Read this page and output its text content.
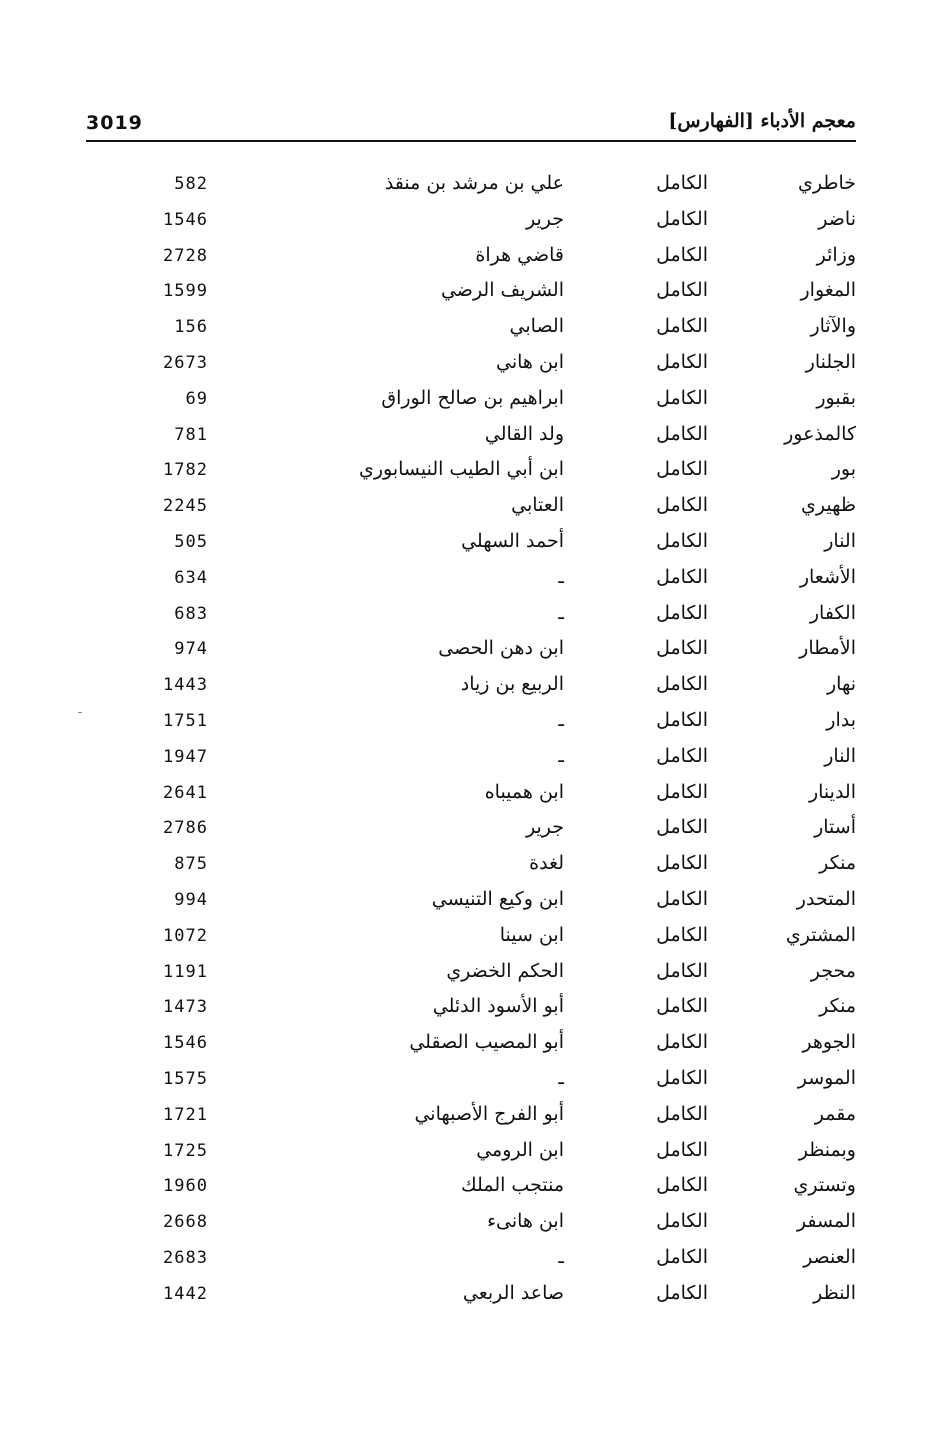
3019	معجم الأدباء [الفهارس]
خاطري
الكامل
علي بن مرشد بن منقذ
582
ناضر
الكامل
جرير
1546
وزائر
الكامل
قاضي هراة
2728
المغوار
الكامل
الشريف الرضي
1599
والآثار
الكامل
الصابي
156
الجلنار
الكامل
ابن هاني
2673
بقبور
الكامل
ابراهيم بن صالح الوراق
69
كالمذعور
الكامل
ولد القالي
781
بور
الكامل
ابن أبي الطيب النيسابوري
1782
ظهيري
الكامل
العتابي
2245
النار
الكامل
أحمد السهلي
505
الأشعار
الكامل
ـ
634
الكفار
الكامل
ـ
683
الأمطار
الكامل
ابن دهن الحصى
974
نهار
الكامل
الربيع بن زياد
1443
بدار
الكامل
ـ
1751
النار
الكامل
ـ
1947
الدينار
الكامل
ابن هميباه
2641
أستار
الكامل
جرير
2786
منكر
الكامل
لغدة
875
المتحدر
الكامل
ابن وكيع التنيسي
994
المشتري
الكامل
ابن سينا
1072
محجر
الكامل
الحكم الخضري
1191
منكر
الكامل
أبو الأسود الدئلي
1473
الجوهر
الكامل
أبو المصيب الصقلي
1546
الموسر
الكامل
ـ
1575
مقمر
الكامل
أبو الفرج الأصبهاني
1721
وبمنظر
الكامل
ابن الرومي
1725
وتستري
الكامل
منتجب الملك
1960
المسفر
الكامل
ابن هانىء
2668
العنصر
الكامل
ـ
2683
النظر
الكامل
صاعد الربعي
1442
